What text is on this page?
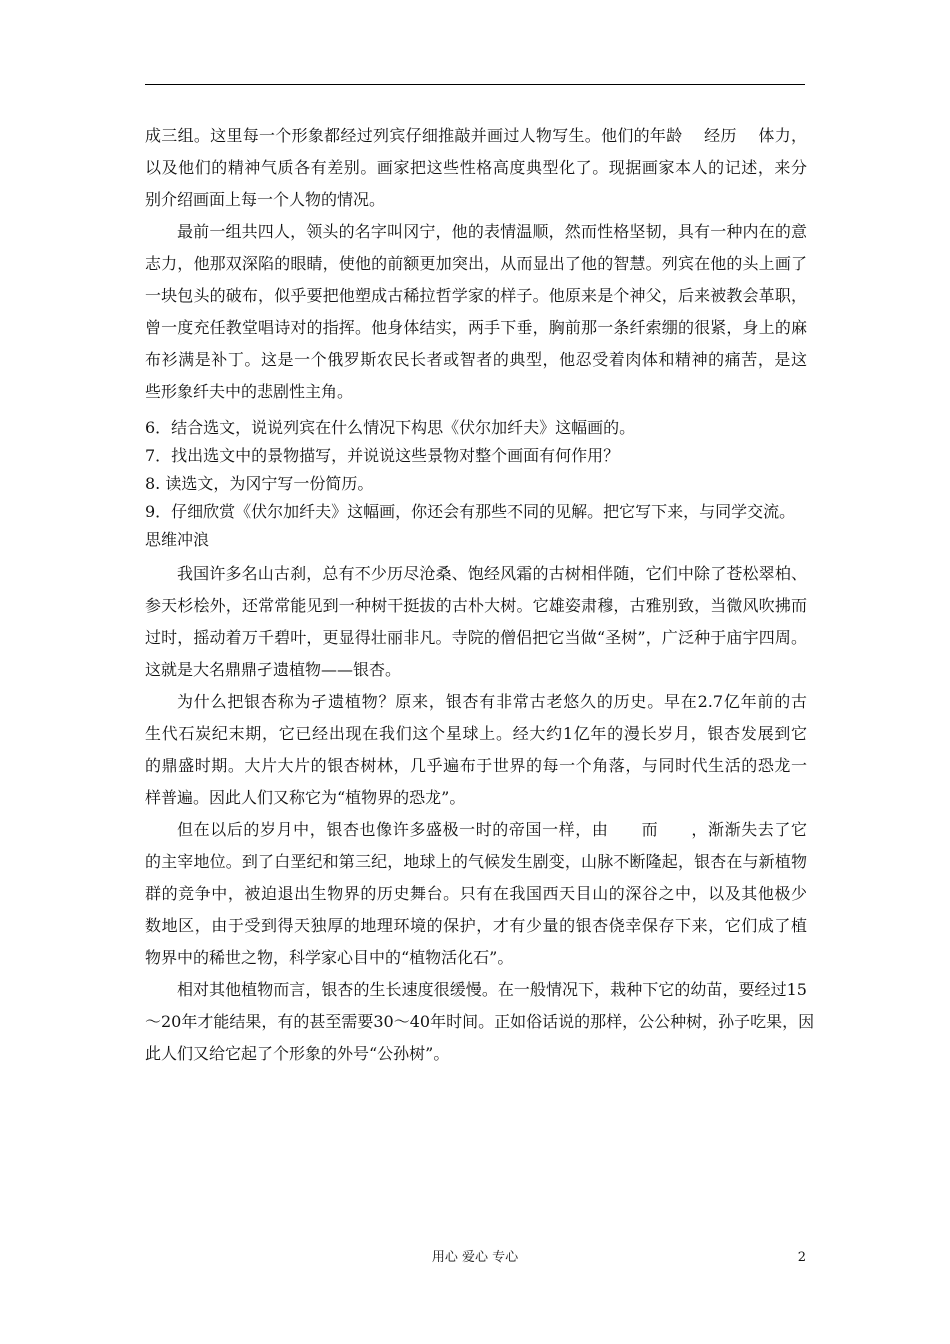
成三组。这里每一个形象都经过列宾仔细推敲并画过人物写生。他们的年龄　 经历　 体力，
以及他们的精神气质各有差别。画家把这些性格高度典型化了。现据画家本人的记述，来分
别介绍画面上每一个人物的情况。
最前一组共四人，领头的名字叫冈宁，他的表情温顺，然而性格坚韧，具有一种内在的意
志力，他那双深陷的眼睛，使他的前额更加突出，从而显出了他的智慧。列宾在他的头上画了
一块包头的破布，似乎要把他塑成古稀拉哲学家的样子。他原来是个神父，后来被教会革职，
曾一度充任教堂唱诗对的指挥。他身体结实，两手下垂，胸前那一条纤索绷的很紧，身上的麻
布衫满是补丁。这是一个俄罗斯农民长者或智者的典型，他忍受着肉体和精神的痛苦，是这
些形象纤夫中的悲剧性主角。
6．结合选文，说说列宾在什么情况下构思《伏尔加纤夫》这幅画的。
7．找出选文中的景物描写，并说说这些景物对整个画面有何作用？
8. 读选文，为冈宁写一份简历。
9．仔细欣赏《伏尔加纤夫》这幅画，你还会有那些不同的见解。把它写下来，与同学交流。
思维冲浪
我国许多名山古刹，总有不少历尽沧桑、饱经风霜的古树相伴随，它们中除了苍松翠柏、
参天杉桧外，还常常能见到一种树干挺拔的古朴大树。它雄姿肃穆，古雅别致，当微风吹拂而
过时，摇动着万千碧叶，更显得壮丽非凡。寺院的僧侣把它当做“圣树”，广泛种于庙宇四周。
这就是大名鼎鼎孑遗植物——银杏。
为什么把银杏称为孑遗植物？原来，银杏有非常古老悠久的历史。早在2.7亿年前的古
生代石炭纪末期，它已经出现在我们这个星球上。经大约1亿年的漫长岁月，银杏发展到它
的鼎盛时期。大片大片的银杏树林，几乎遍布于世界的每一个角落，与同时代生活的恐龙一
样普遍。因此人们又称它为“植物界的恐龙”。
但在以后的岁月中，银杏也像许多盛极一时的帝国一样，由　　而　　，渐渐失去了它
的主宰地位。到了白垩纪和第三纪，地球上的气候发生剧变，山脉不断隆起，银杏在与新植物
群的竞争中，被迫退出生物界的历史舞台。只有在我国西天目山的深谷之中，以及其他极少
数地区，由于受到得天独厚的地理环境的保护，才有少量的银杏侥幸保存下来，它们成了植
物界中的稀世之物，科学家心目中的“植物活化石”。
相对其他植物而言，银杏的生长速度很缓慢。在一般情况下，栽种下它的幼苗，要经过15
～20年才能结果，有的甚至需要30～40年时间。正如俗话说的那样，公公种树，孙子吃果，因
此人们又给它起了个形象的外号“公孙树”。
用心 爱心 专心	2
